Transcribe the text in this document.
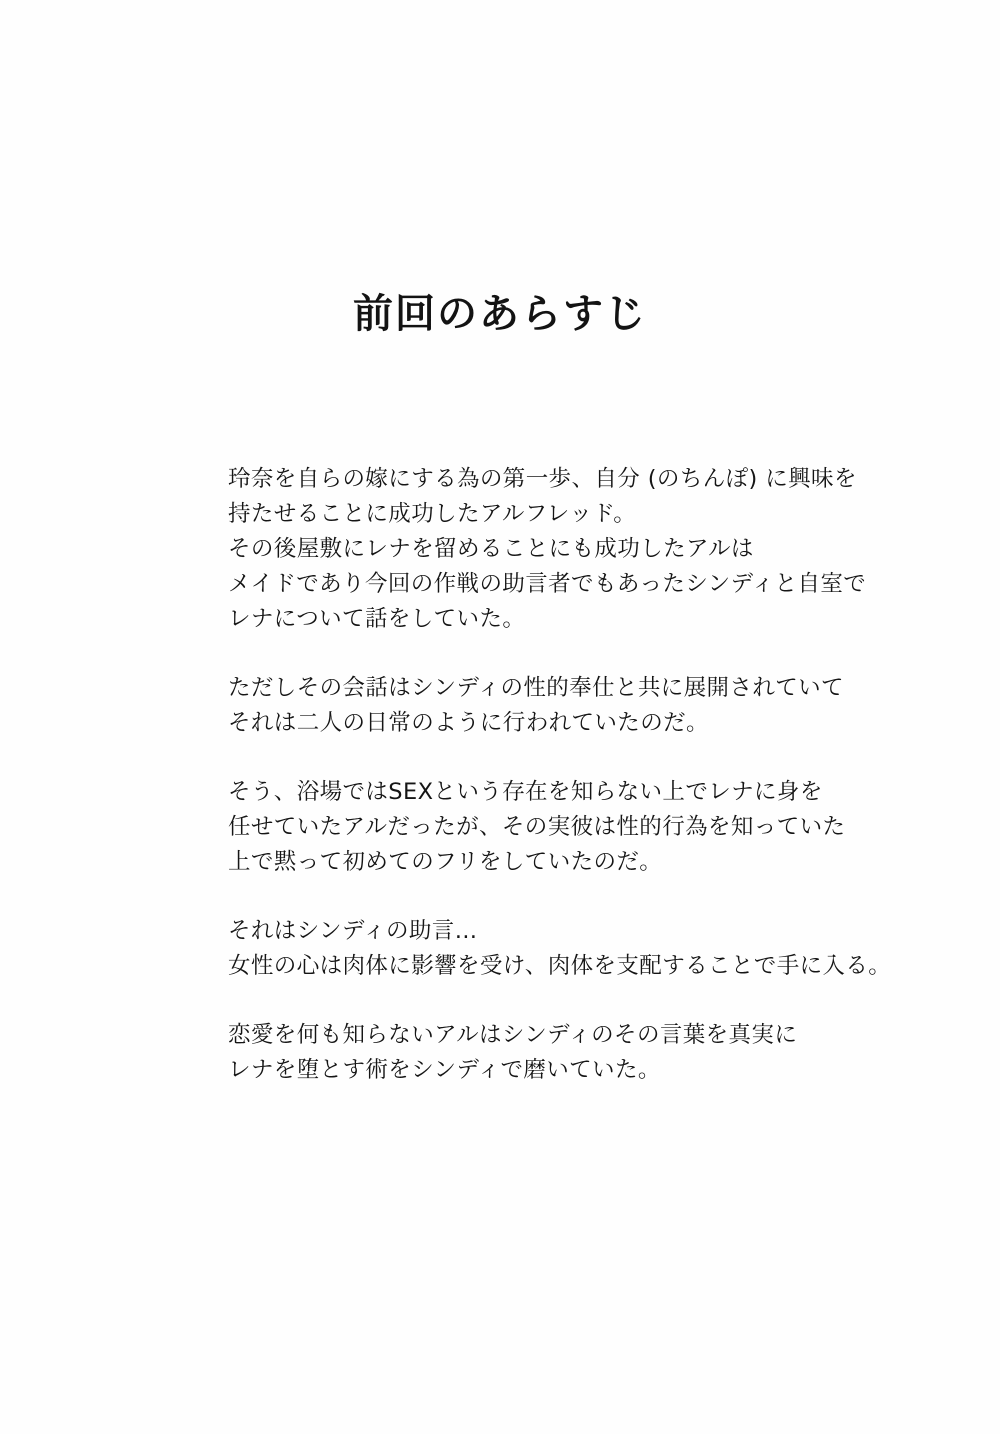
前回のあらすじ

玲奈を自らの嫁にする為の第一歩、自分 (のちんぽ) に興味を
持たせることに成功したアルフレッド。
その後屋敷にレナを留めることにも成功したアルは
メイドであり今回の作戦の助言者でもあったシンディと自室で
レナについて話をしていた。

ただしその会話はシンディの性的奉仕と共に展開されていて
それは二人の日常のように行われていたのだ。

そう、浴場ではSEXという存在を知らない上でレナに身を
任せていたアルだったが、その実彼は性的行為を知っていた
上で黙って初めてのフリをしていたのだ。

それはシンディの助言…
女性の心は肉体に影響を受け、肉体を支配することで手に入る。

恋愛を何も知らないアルはシンディのその言葉を真実に
レナを堕とす術をシンディで磨いていた。
